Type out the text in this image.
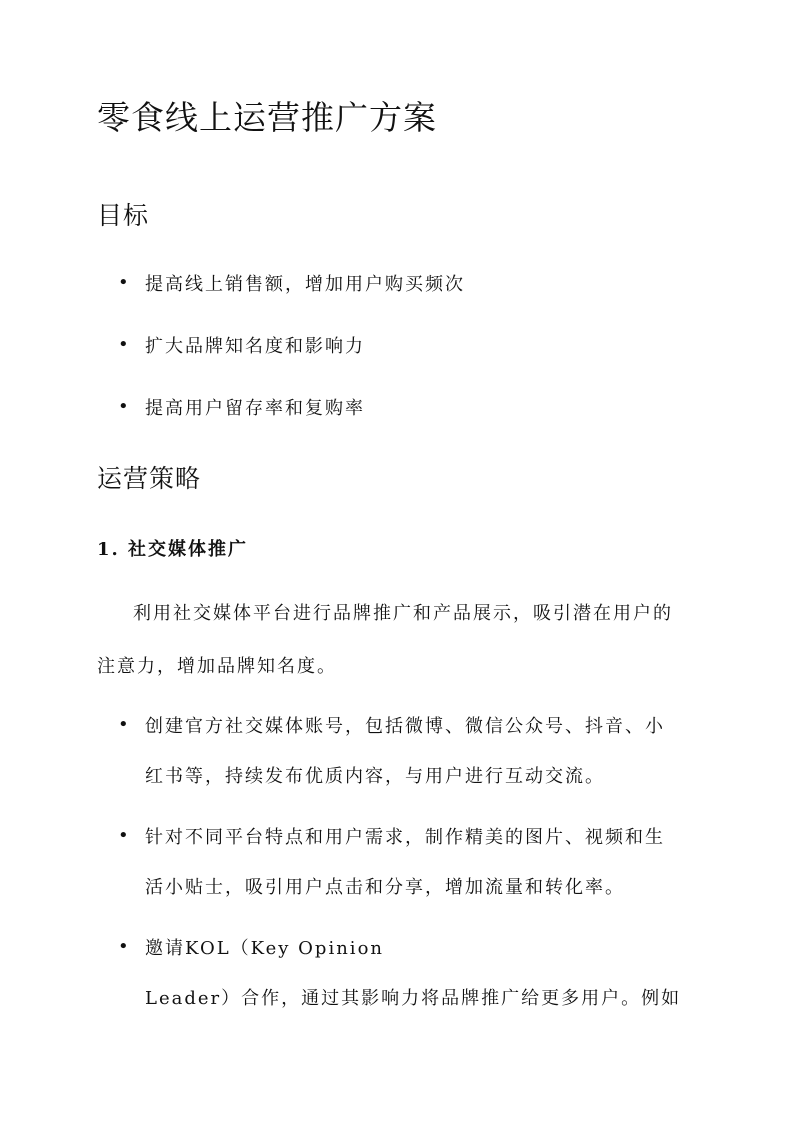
零食线上运营推广方案
目标
•

提高线上销售额，增加用户购买频次

•

扩大品牌知名度和影响力

•

提高用户留存率和复购率

运营策略
1. 社交媒体推广

利用社交媒体平台进行品牌推广和产品展示，吸引潜在用户的

注意力，增加品牌知名度。

•

创建官方社交媒体账号，包括微博、微信公众号、抖音、小

红书等，持续发布优质内容，与用户进行互动交流。

•

针对不同平台特点和用户需求，制作精美的图片、视频和生

活小贴士，吸引用户点击和分享，增加流量和转化率。

•

邀请KOL（Key Opinion

Leader）合作，通过其影响力将品牌推广给更多用户。例如
